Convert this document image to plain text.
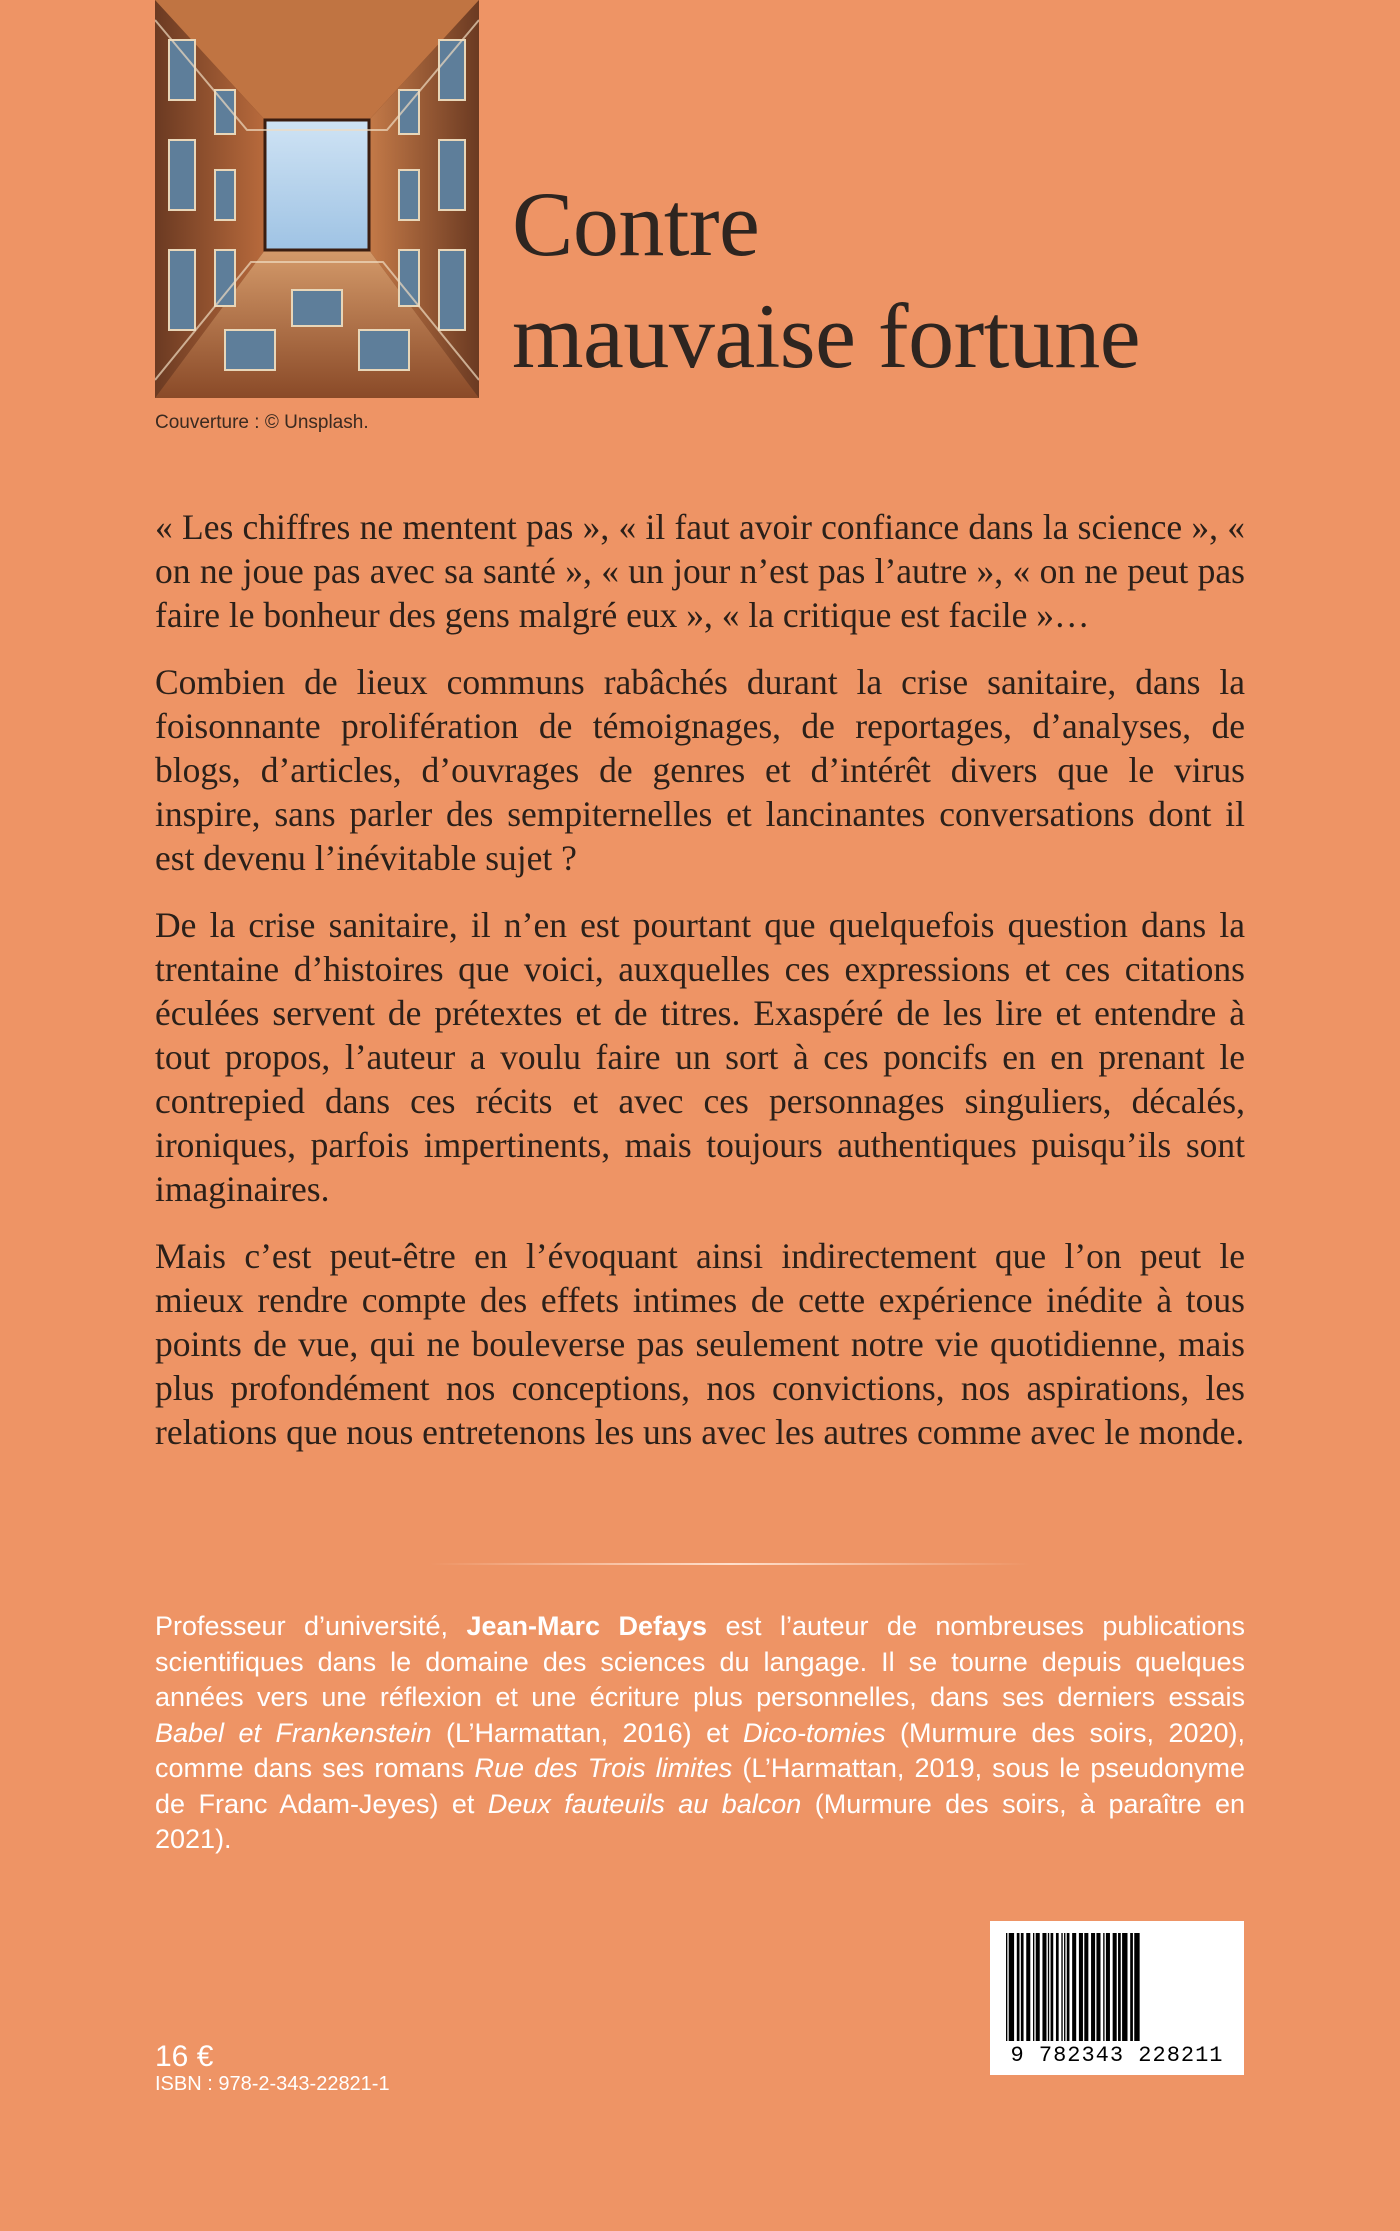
Couverture : © Unsplash.
Contre
mauvaise fortune

« Les chiffres ne mentent pas », « il faut avoir confiance dans la science », « on ne joue pas avec sa santé », « un jour n’est pas l’autre », « on ne peut pas faire le bonheur des gens malgré eux », « la critique est facile »…

Combien de lieux communs rabâchés durant la crise sanitaire, dans la foisonnante prolifération de témoignages, de reportages, d’analyses, de blogs, d’articles, d’ouvrages de genres et d’intérêt divers que le virus inspire, sans parler des sempiternelles et lancinantes conversations dont il est devenu l’inévitable sujet ?

De la crise sanitaire, il n’en est pourtant que quelquefois question dans la trentaine d’histoires que voici, auxquelles ces expressions et ces citations éculées servent de prétextes et de titres. Exaspéré de les lire et entendre à tout propos, l’auteur a voulu faire un sort à ces poncifs en en prenant le contrepied dans ces récits et avec ces personnages singuliers, décalés, ironiques, parfois impertinents, mais toujours authentiques puisqu’ils sont imaginaires.

Mais c’est peut-être en l’évoquant ainsi indirectement que l’on peut le mieux rendre compte des effets intimes de cette expérience inédite à tous points de vue, qui ne bouleverse pas seulement notre vie quotidienne, mais plus profondément nos conceptions, nos convictions, nos aspirations, les relations que nous entretenons les uns avec les autres comme avec le monde.

Professeur d’université, Jean-Marc Defays est l’auteur de nombreuses publications scientifiques dans le domaine des sciences du langage. Il se tourne depuis quelques années vers une réflexion et une écriture plus personnelles, dans ses derniers essais Babel et Frankenstein (L’Harmattan, 2016) et Dico-tomies (Murmure des soirs, 2020), comme dans ses romans Rue des Trois limites (L’Harmattan, 2019, sous le pseudonyme de Franc Adam-Jeyes) et Deux fauteuils au balcon (Murmure des soirs, à paraître en 2021).

16 €
ISBN : 978-2-343-22821-1
9 782343 228211
